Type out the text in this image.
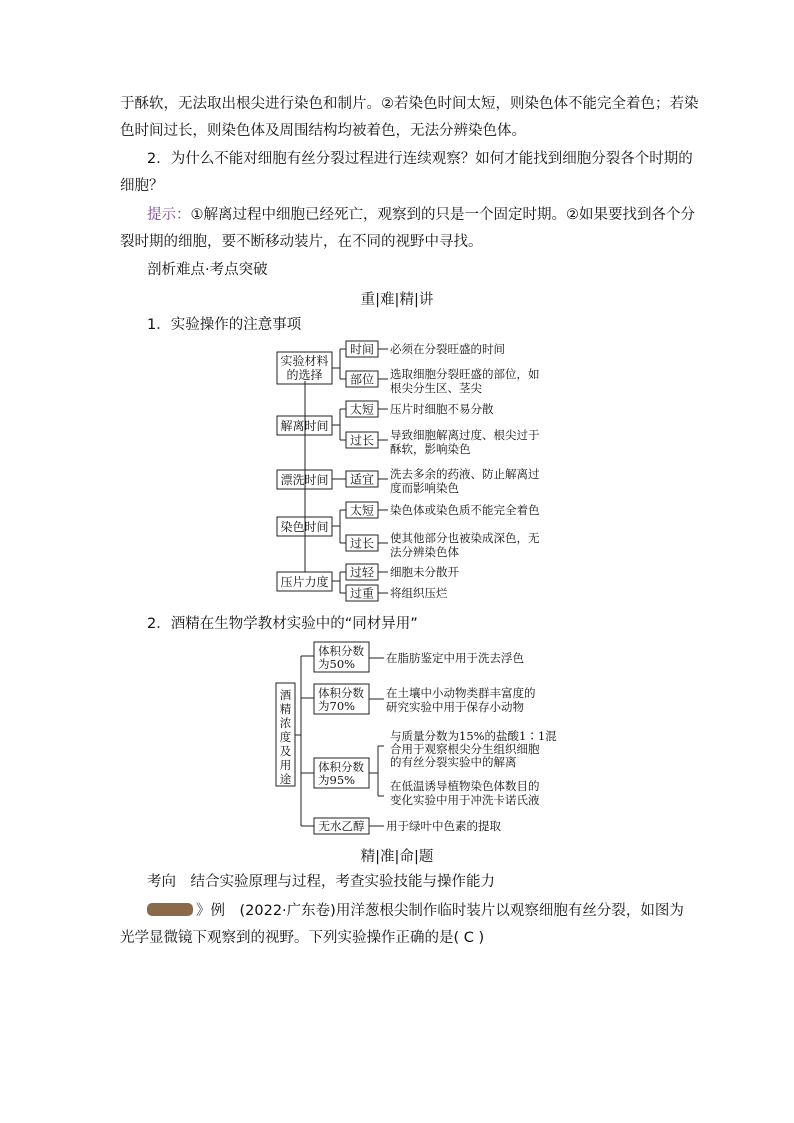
于酥软，无法取出根尖进行染色和制片。②若染色时间太短，则染色体不能完全着色；若染
色时间过长，则染色体及周围结构均被着色，无法分辨染色体。
2．为什么不能对细胞有丝分裂过程进行连续观察？如何才能找到细胞分裂各个时期的
细胞？
提示：①解离过程中细胞已经死亡，观察到的只是一个固定时期。②如果要找到各个分
裂时期的细胞，要不断移动装片，在不同的视野中寻找。
剖析难点·考点突破
重|难|精|讲
1．实验操作的注意事项
实验材料
的选择
解离时间
漂洗时间
染色时间
压片力度
时间
部位
太短
过长
适宜
太短
过长
过轻
过重
必须在分裂旺盛的时间
选取细胞分裂旺盛的部位，如
根尖分生区、茎尖
压片时细胞不易分散
导致细胞解离过度、根尖过于
酥软，影响染色
洗去多余的药液、防止解离过
度而影响染色
染色体或染色质不能完全着色
使其他部分也被染成深色，无
法分辨染色体
细胞未分散开
将组织压烂
2．酒精在生物学教材实验中的“同材异用”
酒
精
浓
度
及
用
途
体积分数
为50%
体积分数
为70%
体积分数
为95%
无水乙醇
在脂肪鉴定中用于洗去浮色
在土壤中小动物类群丰富度的
研究实验中用于保存小动物
与质量分数为15%的盐酸1∶1混
合用于观察根尖分生组织细胞
的有丝分裂实验中的解离
在低温诱导植物染色体数目的
变化实验中用于冲洗卡诺氏液
用于绿叶中色素的提取
精|准|命|题
考向　结合实验原理与过程，考查实验技能与操作能力
》例　(2022·广东卷)用洋葱根尖制作临时装片以观察细胞有丝分裂，如图为
光学显微镜下观察到的视野。下列实验操作正确的是( C )
